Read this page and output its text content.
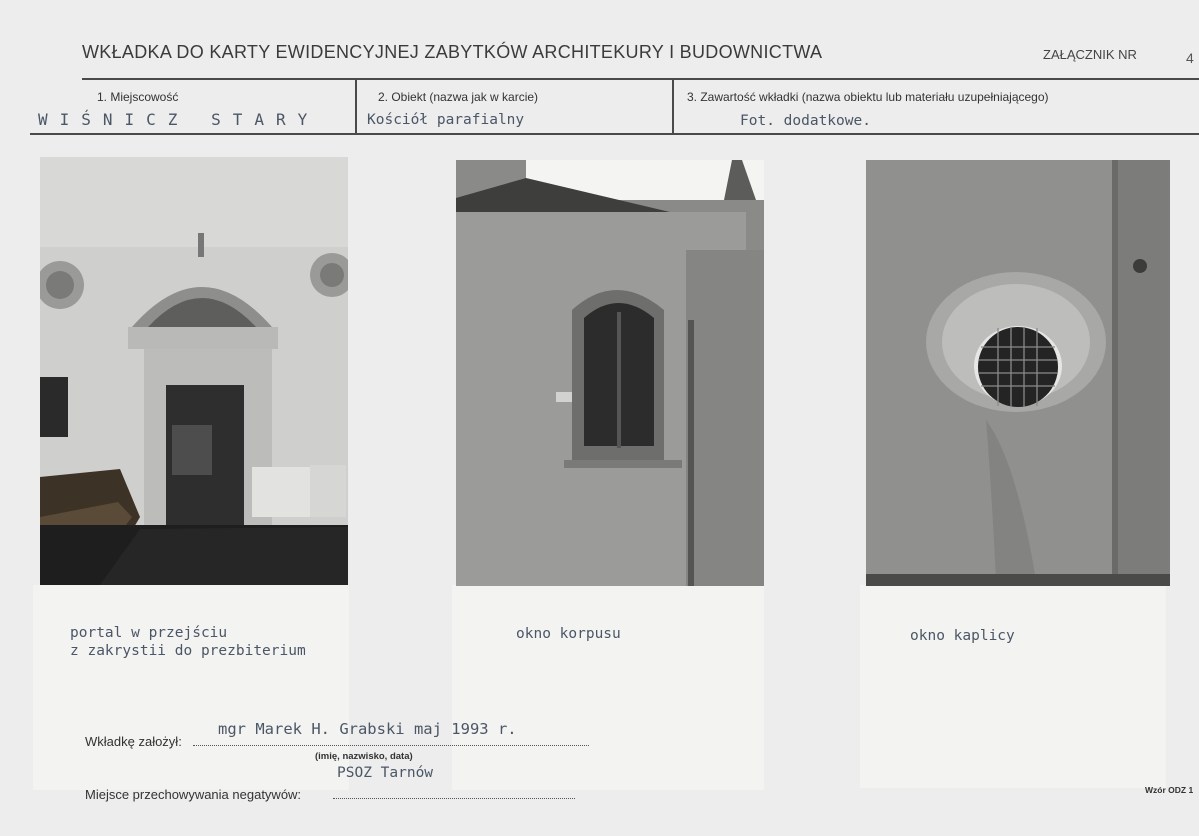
WKŁADKA DO KARTY EWIDENCYJNEJ ZABYTKÓW ARCHITEKURY I BUDOWNICTWA	ZAŁĄCZNIK NR	4
1. Miejscowość	2. Obiekt (nazwa jak w karcie)	3. Zawartość wkładki (nazwa obiektu lub materiału uzupełniającego)
WIŚNICZ STARY	Kościół parafialny	Fot. dodatkowe.
portal w przejściu
z zakrystii do prezbiterium
okno korpusu	okno kaplicy
Wkładkę założył:
mgr Marek H. Grabski maj 1993 r.
(imię, nazwisko, data)
PSOZ Tarnów
Miejsce przechowywania negatywów:	Wzór ODZ 1
